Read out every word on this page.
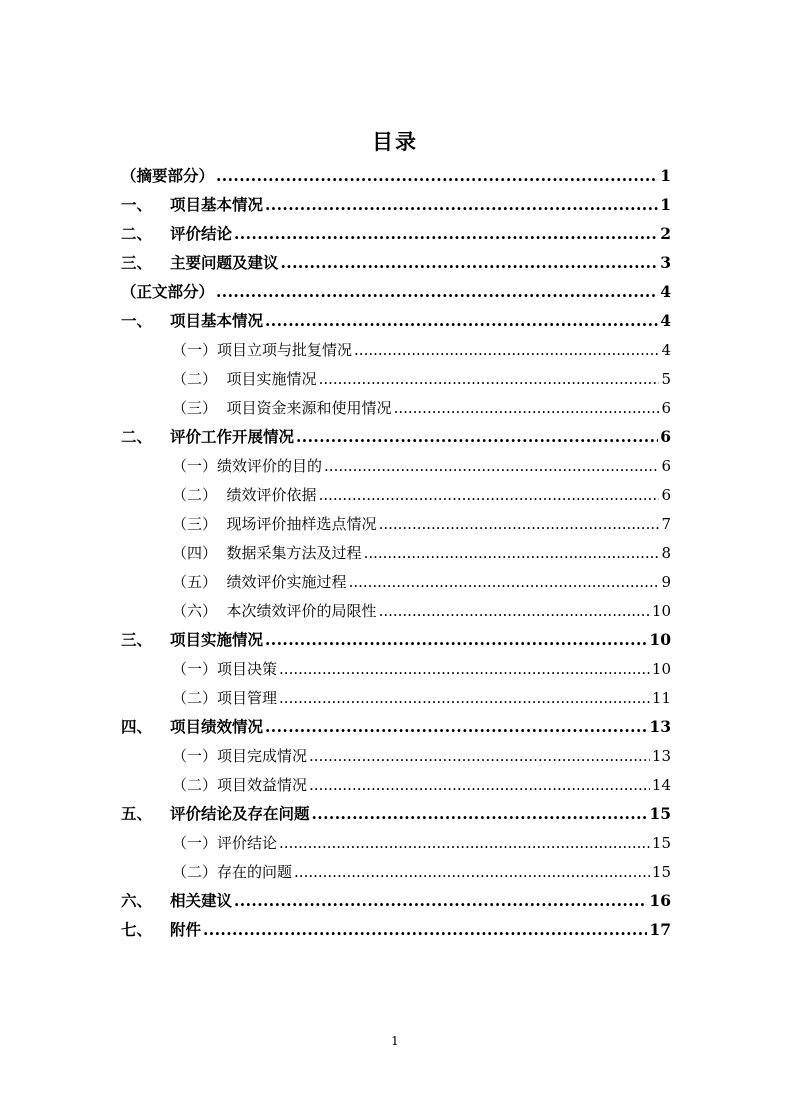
目录
（摘要部分） .....	1
一、	项目基本情况 .....	1
二、	评价结论 .....	2
三、	主要问题及建议 .....	3
（正文部分） .....	4
一、	项目基本情况 .....	4
（一） 项目立项与批复情况 .....	4
（二） 项目实施情况 .....	5
（三） 项目资金来源和使用情况 .....	6
二、	评价工作开展情况 .....	6
（一） 绩效评价的目的 .....	6
（二） 绩效评价依据 .....	6
（三） 现场评价抽样选点情况 .....	7
（四） 数据采集方法及过程 .....	8
（五） 绩效评价实施过程 .....	9
（六） 本次绩效评价的局限性 .....	10
三、	项目实施情况 .....	10
（一） 项目决策 .....	10
（二） 项目管理 .....	11
四、	项目绩效情况 .....	13
（一） 项目完成情况 .....	13
（二） 项目效益情况 .....	14
五、	评价结论及存在问题 .....	15
（一） 评价结论 .....	15
（二） 存在的问题 .....	15
六、	相关建议 .....	16
七、	附件 .....	17
1
